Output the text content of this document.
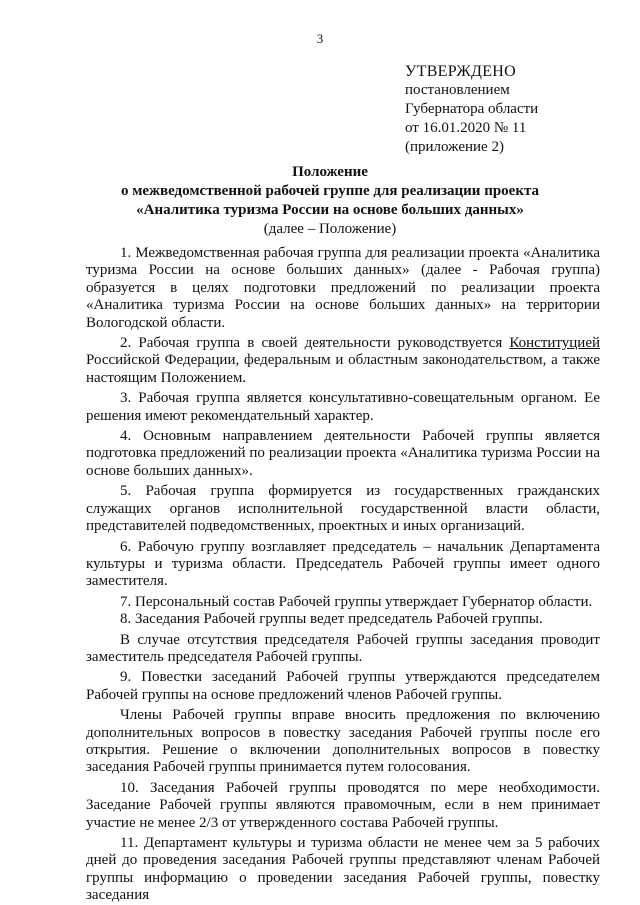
3
УТВЕРЖДЕНО
постановлением
Губернатора области
от 16.01.2020 № 11
(приложение 2)
Положение
о межведомственной рабочей группе для реализации проекта
«Аналитика туризма России на основе больших данных»
(далее – Положение)

1. Межведомственная рабочая группа для реализации проекта «Аналитика туризма России на основе больших данных» (далее - Рабочая группа) образуется в целях подготовки предложений по реализации проекта «Аналитика туризма России на основе больших данных» на территории Вологодской области.

2. Рабочая группа в своей деятельности руководствуется Конституцией Российской Федерации, федеральным и областным законодательством, а также настоящим Положением.

3. Рабочая группа является консультативно-совещательным органом. Ее решения имеют рекомендательный характер.

4. Основным направлением деятельности Рабочей группы является подготовка предложений по реализации проекта «Аналитика туризма России на основе больших данных».

5. Рабочая группа формируется из государственных гражданских служащих органов исполнительной государственной власти области, представителей подведомственных, проектных и иных организаций.

6. Рабочую группу возглавляет председатель – начальник Департамента культуры и туризма области. Председатель Рабочей группы имеет одного заместителя.

7. Персональный состав Рабочей группы утверждает Губернатор области.

8. Заседания Рабочей группы ведет председатель Рабочей группы.

В случае отсутствия председателя Рабочей группы заседания проводит заместитель председателя Рабочей группы.

9. Повестки заседаний Рабочей группы утверждаются председателем Рабочей группы на основе предложений членов Рабочей группы.

Члены Рабочей группы вправе вносить предложения по включению дополнительных вопросов в повестку заседания Рабочей группы после его открытия. Решение о включении дополнительных вопросов в повестку заседания Рабочей группы принимается путем голосования.

10. Заседания Рабочей группы проводятся по мере необходимости. Заседание Рабочей группы являются правомочным, если в нем принимает участие не менее 2/3 от утвержденного состава Рабочей группы.

11. Департамент культуры и туризма области не менее чем за 5 рабочих дней до проведения заседания Рабочей группы представляют членам Рабочей группы информацию о проведении заседания Рабочей группы, повестку заседания
